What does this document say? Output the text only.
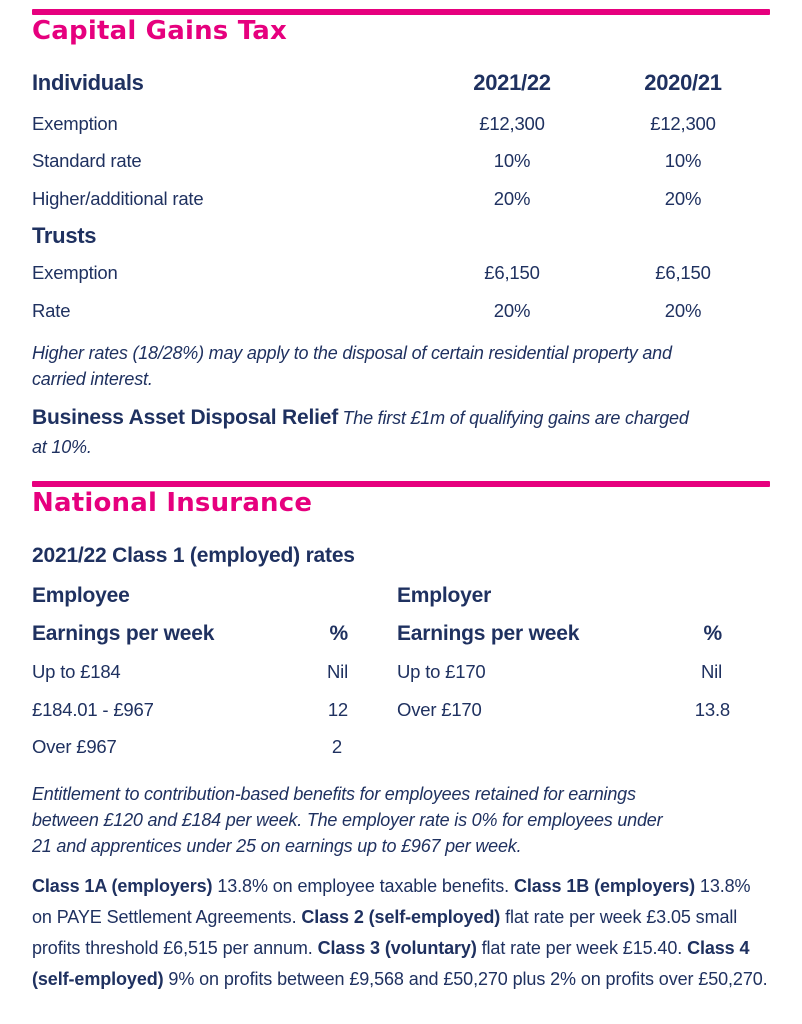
Capital Gains Tax
Individuals	2021/22	2020/21
Exemption	£12,300	£12,300
Standard rate	10%	10%
Higher/additional rate	20%	20%
Trusts
Exemption	£6,150	£6,150
Rate	20%	20%
Higher rates (18/28%) may apply to the disposal of certain residential property and
carried interest.
Business Asset Disposal Relief The first £1m of qualifying gains are charged
at 10%.
National Insurance
2021/22 Class 1 (employed) rates
Employee
Earnings per week	%
Up to £184	Nil
£184.01 - £967	12
Over £967	2
Employer
Earnings per week	%
Up to £170	Nil
Over £170	13.8
Entitlement to contribution-based benefits for employees retained for earnings
between £120 and £184 per week. The employer rate is 0% for employees under
21 and apprentices under 25 on earnings up to £967 per week.
Class 1A (employers) 13.8% on employee taxable benefits. Class 1B (employers) 13.8% on PAYE Settlement Agreements. Class 2 (self-employed) flat rate per week £3.05 small profits threshold £6,515 per annum. Class 3 (voluntary) flat rate per week £15.40. Class 4 (self-employed) 9% on profits between £9,568 and £50,270 plus 2% on profits over £50,270.
